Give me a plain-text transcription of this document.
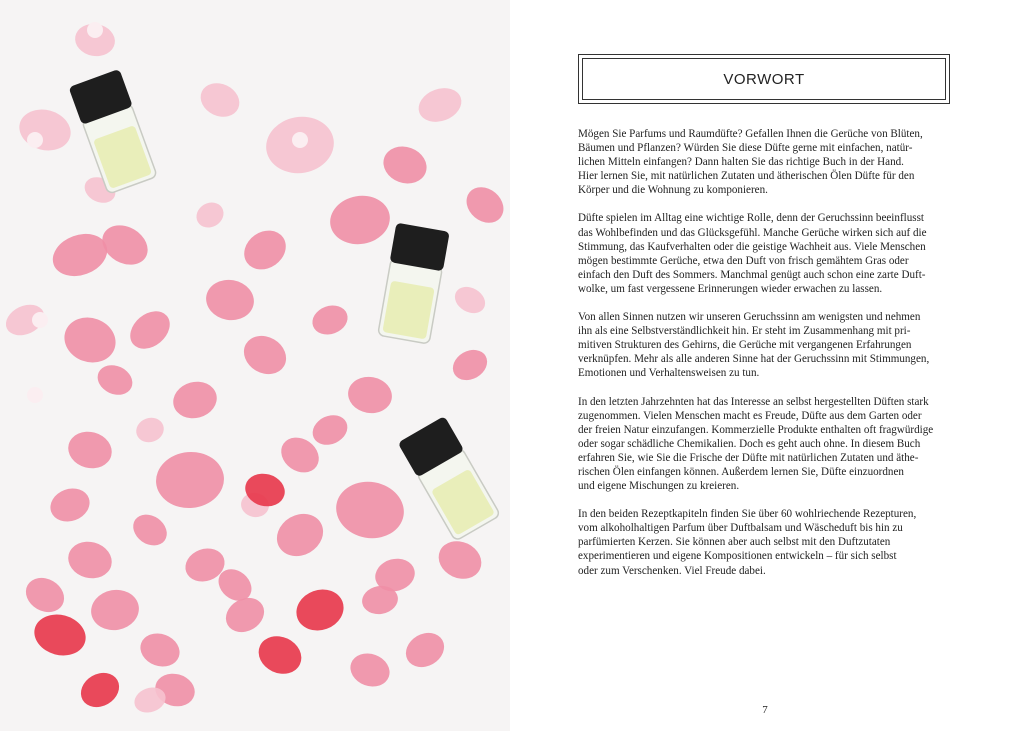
VORWORT

Mögen Sie Parfums und Raumdüfte? Gefallen Ihnen die Gerüche von Blüten,
Bäumen und Pflanzen? Würden Sie diese Düfte gerne mit einfachen, natür-
lichen Mitteln einfangen? Dann halten Sie das richtige Buch in der Hand.
Hier lernen Sie, mit natürlichen Zutaten und ätherischen Ölen Düfte für den
Körper und die Wohnung zu komponieren.

Düfte spielen im Alltag eine wichtige Rolle, denn der Geruchssinn beeinflusst
das Wohlbefinden und das Glücksgefühl. Manche Gerüche wirken sich auf die
Stimmung, das Kaufverhalten oder die geistige Wachheit aus. Viele Menschen
mögen bestimmte Gerüche, etwa den Duft von frisch gemähtem Gras oder
einfach den Duft des Sommers. Manchmal genügt auch schon eine zarte Duft-
wolke, um fast vergessene Erinnerungen wieder erwachen zu lassen.

Von allen Sinnen nutzen wir unseren Geruchssinn am wenigsten und nehmen
ihn als eine Selbstverständlichkeit hin. Er steht im Zusammenhang mit pri-
mitiven Strukturen des Gehirns, die Gerüche mit vergangenen Erfahrungen
verknüpfen. Mehr als alle anderen Sinne hat der Geruchssinn mit Stimmungen,
Emotionen und Verhaltensweisen zu tun.

In den letzten Jahrzehnten hat das Interesse an selbst hergestellten Düften stark
zugenommen. Vielen Menschen macht es Freude, Düfte aus dem Garten oder
der freien Natur einzufangen. Kommerzielle Produkte enthalten oft fragwürdige
oder sogar schädliche Chemikalien. Doch es geht auch ohne. In diesem Buch
erfahren Sie, wie Sie die Frische der Düfte mit natürlichen Zutaten und äthe-
rischen Ölen einfangen können. Außerdem lernen Sie, Düfte einzuordnen
und eigene Mischungen zu kreieren.

In den beiden Rezeptkapiteln finden Sie über 60 wohlriechende Rezepturen,
vom alkoholhaltigen Parfum über Duftbalsam und Wäscheduft bis hin zu
parfümierten Kerzen. Sie können aber auch selbst mit den Duftzutaten
experimentieren und eigene Kompositionen entwickeln – für sich selbst
oder zum Verschenken. Viel Freude dabei.

7
